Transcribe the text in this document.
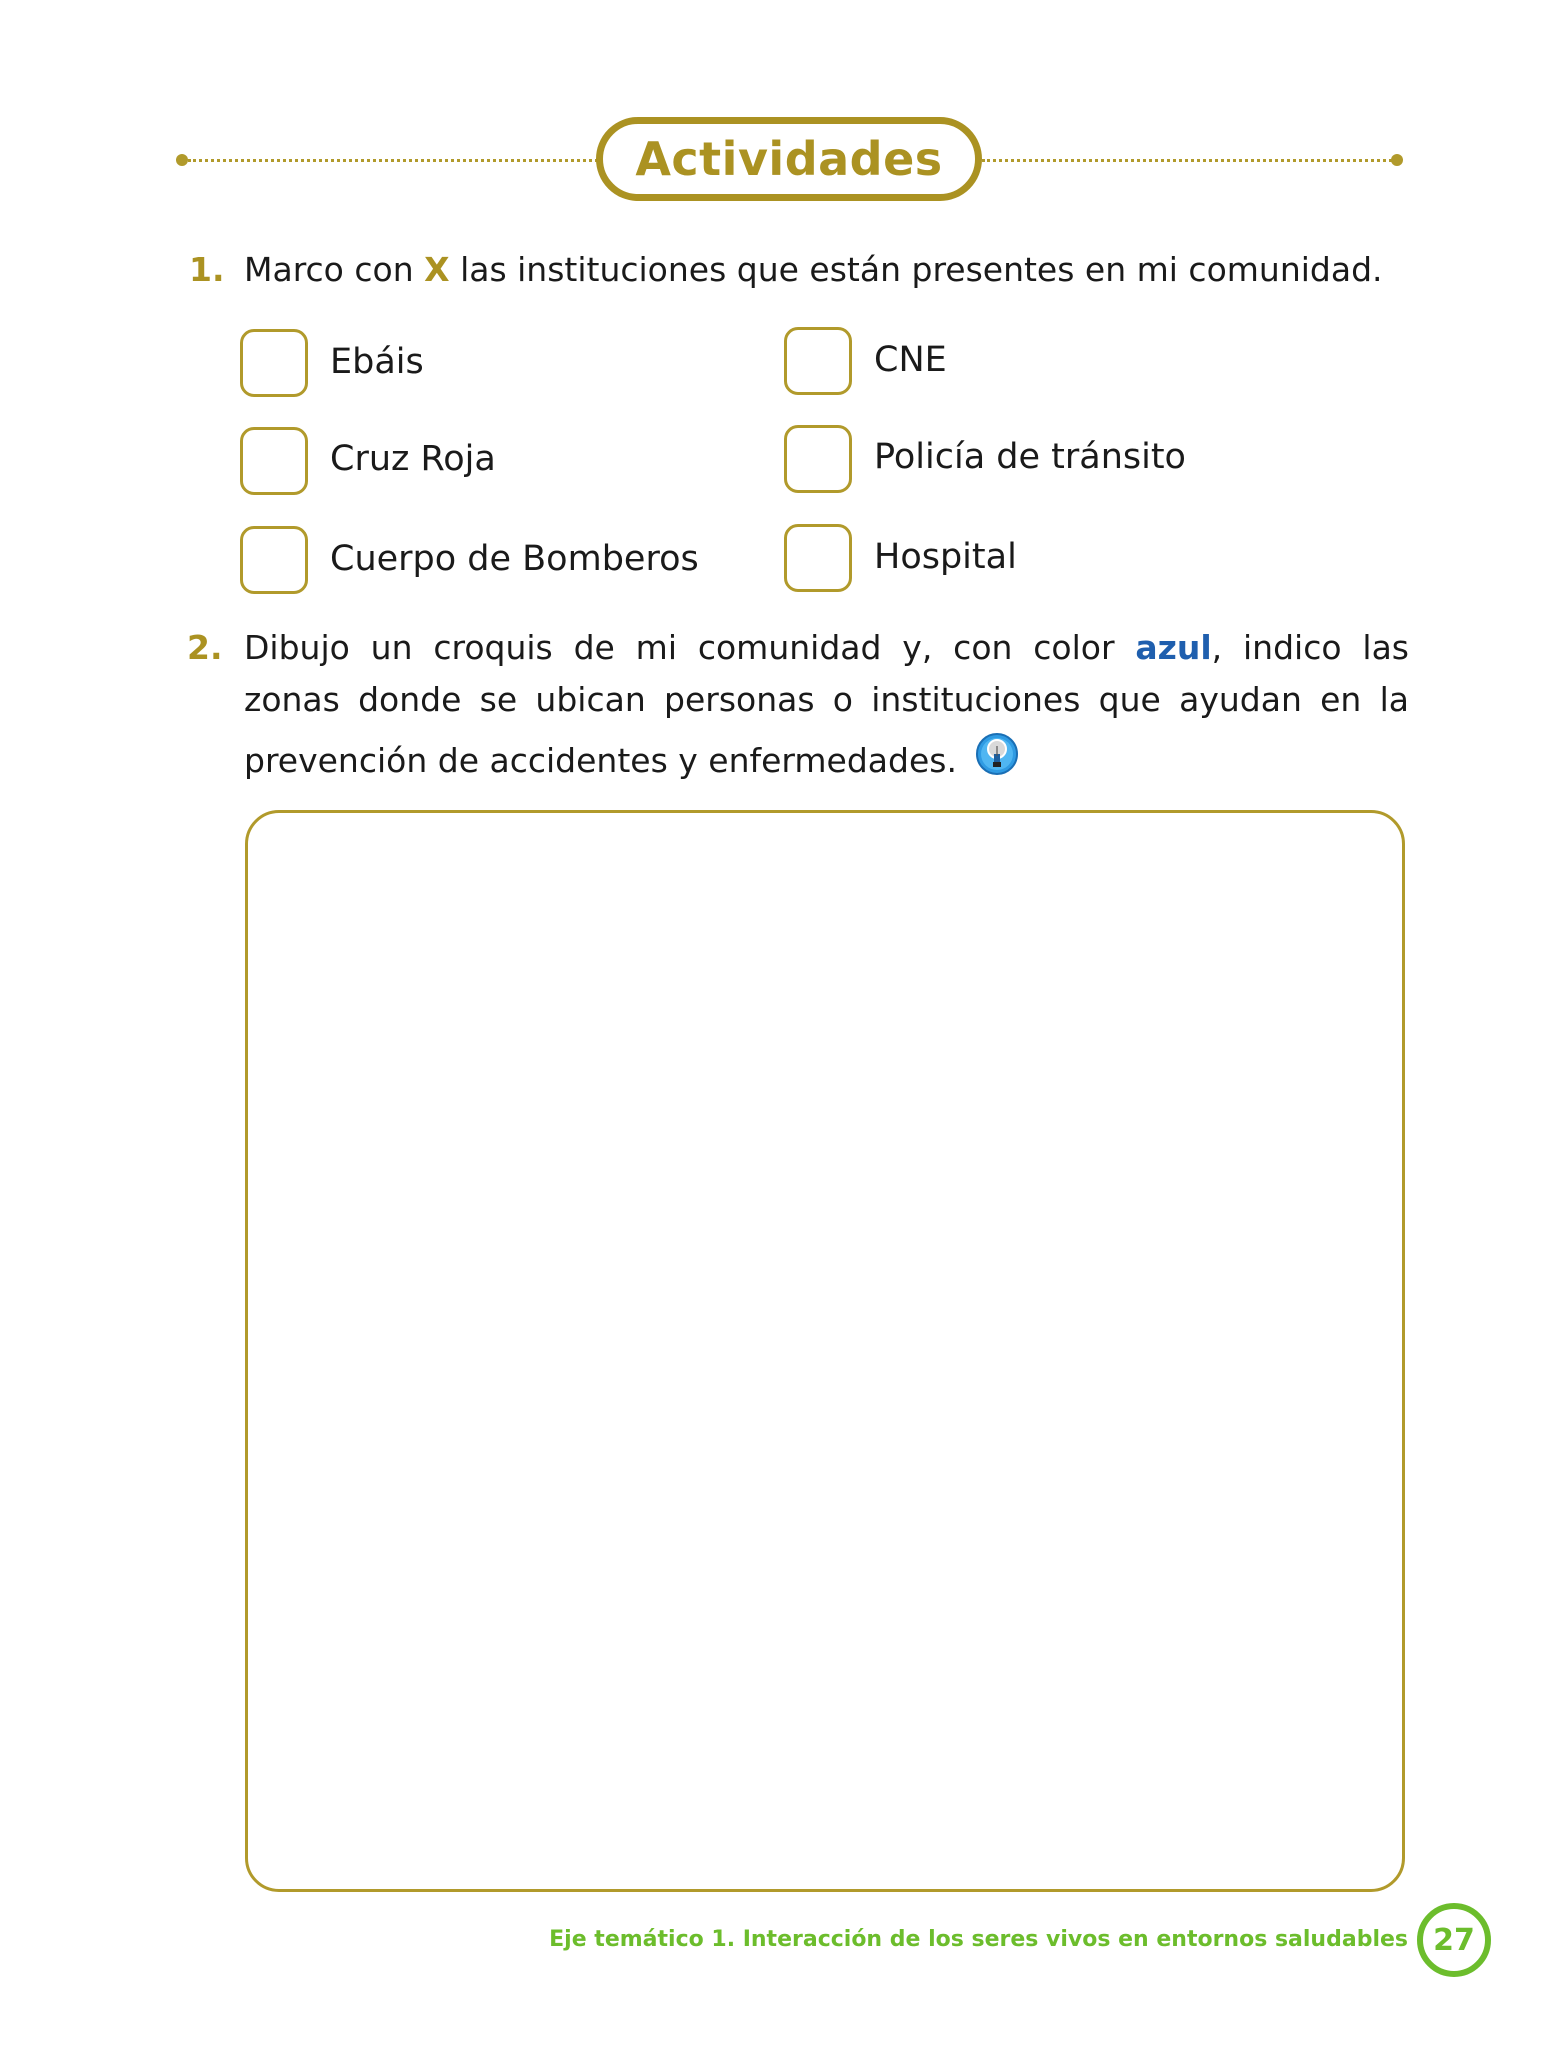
Actividades
1. Marco con X las instituciones que están presentes en mi comunidad.
Ebáis	CNE
Cruz Roja	Policía de tránsito
Cuerpo de Bomberos	Hospital
2. Dibujo un croquis de mi comunidad y, con color azul, indico las
zonas donde se ubican personas o instituciones que ayudan en la
prevención de accidentes y enfermedades.
Eje temático 1. Interacción de los seres vivos en entornos saludables 27
